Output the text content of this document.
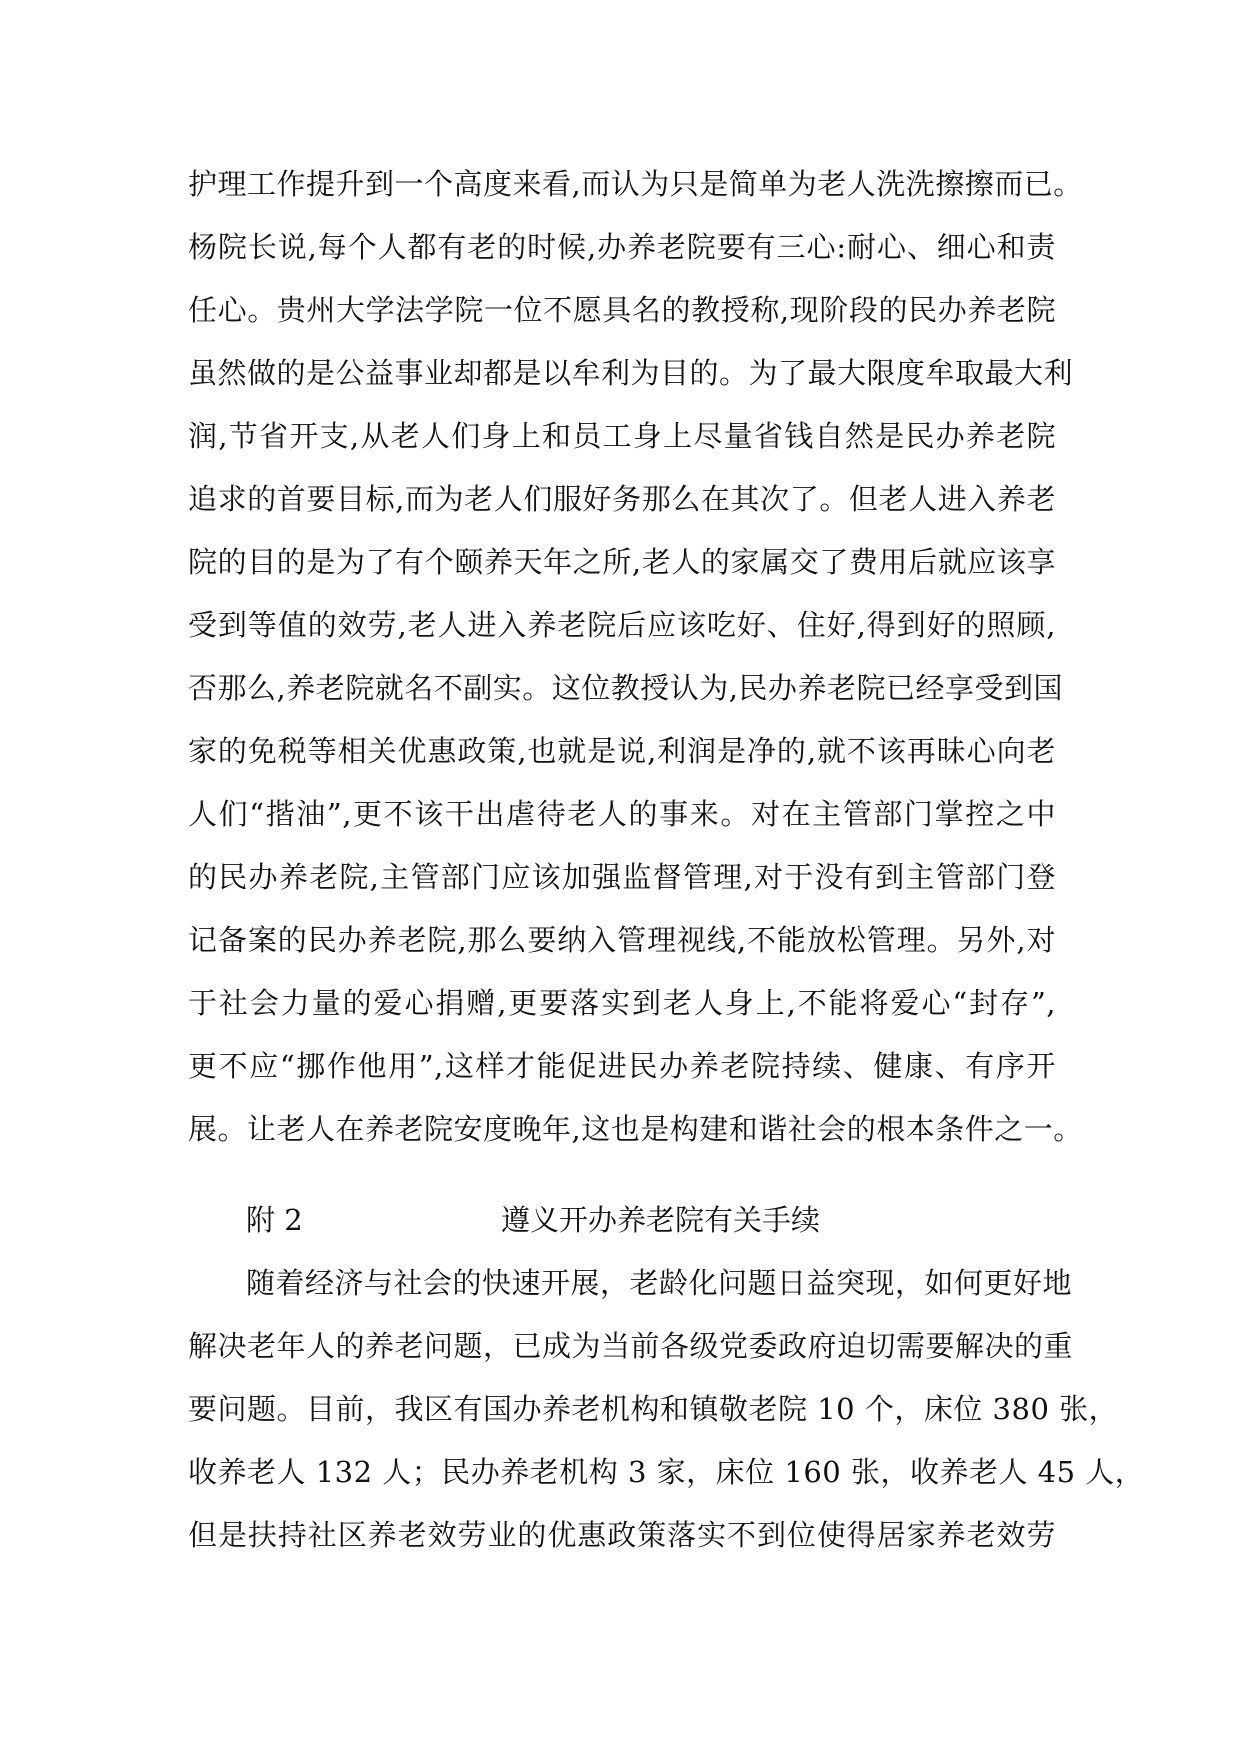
护理工作提升到一个高度来看,而认为只是简单为老人洗洗擦擦而已。
杨院长说,每个人都有老的时候,办养老院要有三心:耐心、细心和责
任心。贵州大学法学院一位不愿具名的教授称,现阶段的民办养老院
虽然做的是公益事业却都是以牟利为目的。为了最大限度牟取最大利
润,节省开支,从老人们身上和员工身上尽量省钱自然是民办养老院
追求的首要目标,而为老人们服好务那么在其次了。但老人进入养老
院的目的是为了有个颐养天年之所,老人的家属交了费用后就应该享
受到等值的效劳,老人进入养老院后应该吃好、住好,得到好的照顾,
否那么,养老院就名不副实。这位教授认为,民办养老院已经享受到国
家的免税等相关优惠政策,也就是说,利润是净的,就不该再昧心向老
人们“揩油”,更不该干出虐待老人的事来。对在主管部门掌控之中
的民办养老院,主管部门应该加强监督管理,对于没有到主管部门登
记备案的民办养老院,那么要纳入管理视线,不能放松管理。另外,对
于社会力量的爱心捐赠,更要落实到老人身上,不能将爱心“封存”,
更不应“挪作他用”,这样才能促进民办养老院持续、健康、有序开
展。让老人在养老院安度晚年,这也是构建和谐社会的根本条件之一。
附 2	遵义开办养老院有关手续
随着经济与社会的快速开展，老龄化问题日益突现，如何更好地
解决老年人的养老问题，已成为当前各级党委政府迫切需要解决的重
要问题。目前，我区有国办养老机构和镇敬老院 10 个，床位 380 张，
收养老人 132 人；民办养老机构 3 家，床位 160 张，收养老人 45 人，
但是扶持社区养老效劳业的优惠政策落实不到位使得居家养老效劳
